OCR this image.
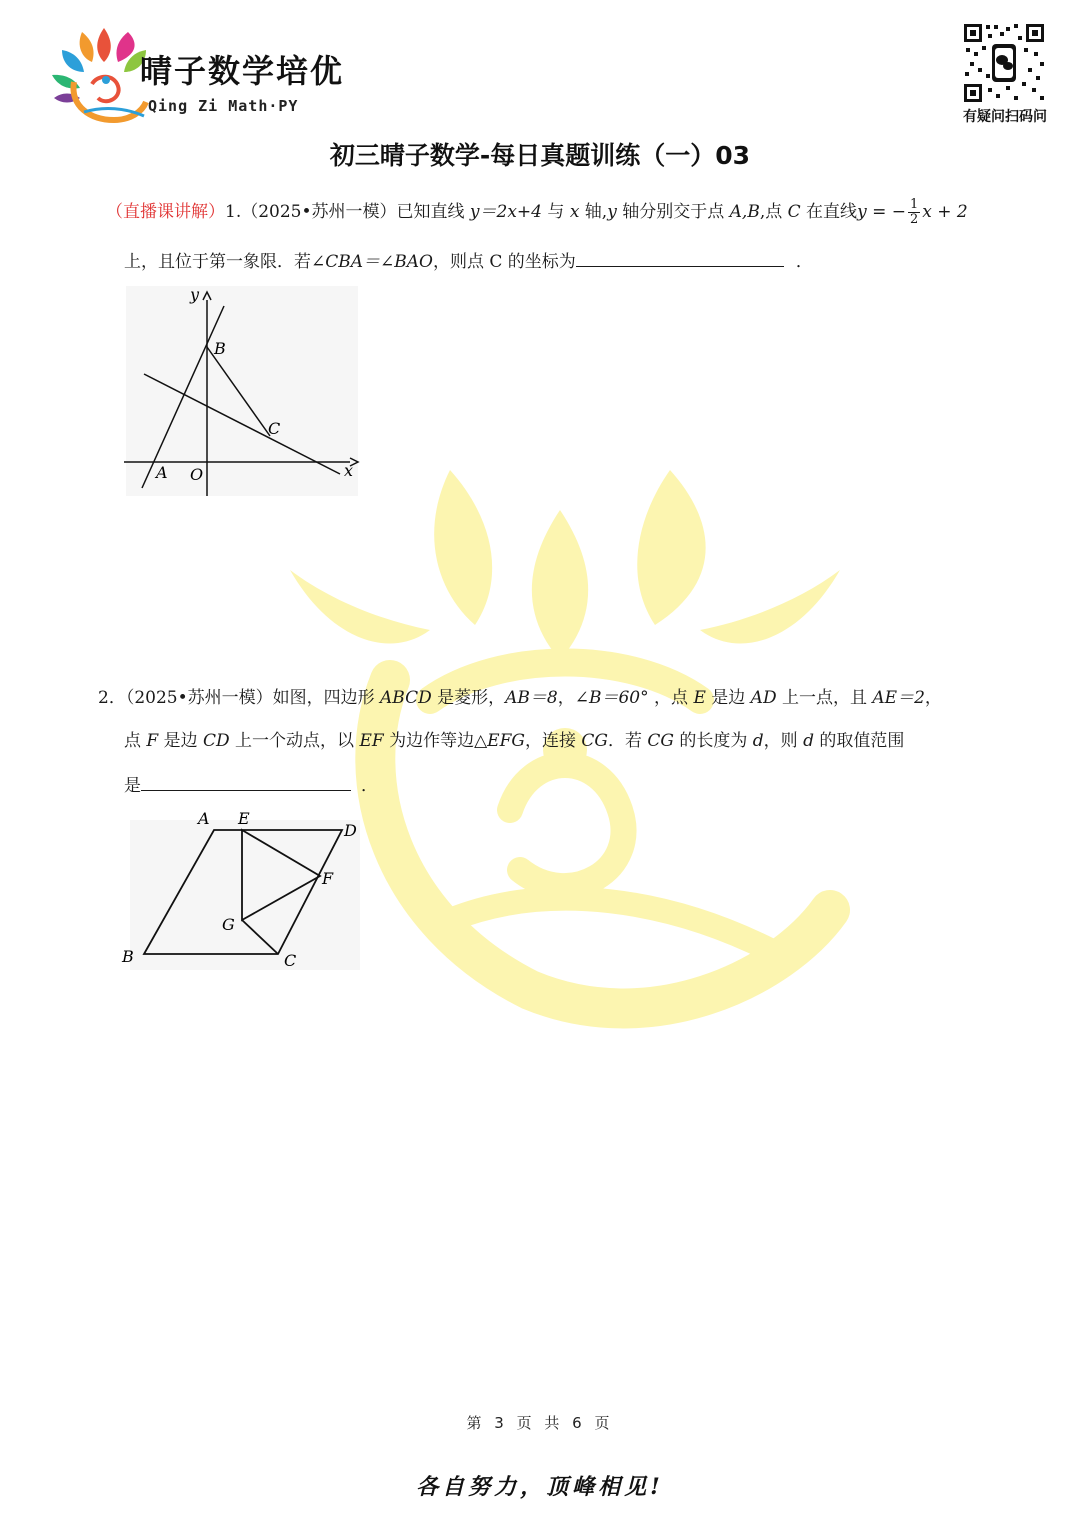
晴子数学培优
Qing Zi Math·PY
有疑问扫码问
初三晴子数学-每日真题训练（一）03
（直播课讲解）1.（2025•苏州一模）已知直线 y＝2x+4 与 x 轴,y 轴分别交于点 A,B,点 C 在直线y = − $\frac{1}{2}$ x + 2
上，且位于第一象限．若∠CBA＝∠BAO，则点 C 的坐标为	．
y
x
B
C
A O
2．（2025•苏州一模）如图，四边形 ABCD 是菱形，AB＝8，∠B＝60° ，点 E 是边 AD 上一点，且 AE＝2，
点 F 是边 CD 上一个动点，以 EF 为边作等边△EFG，连接 CG．若 CG 的长度为 d，则 d 的取值范围
是	．
A E
D
F
G
B	C
第 3 页 共 6 页
各自努力，顶峰相见!
